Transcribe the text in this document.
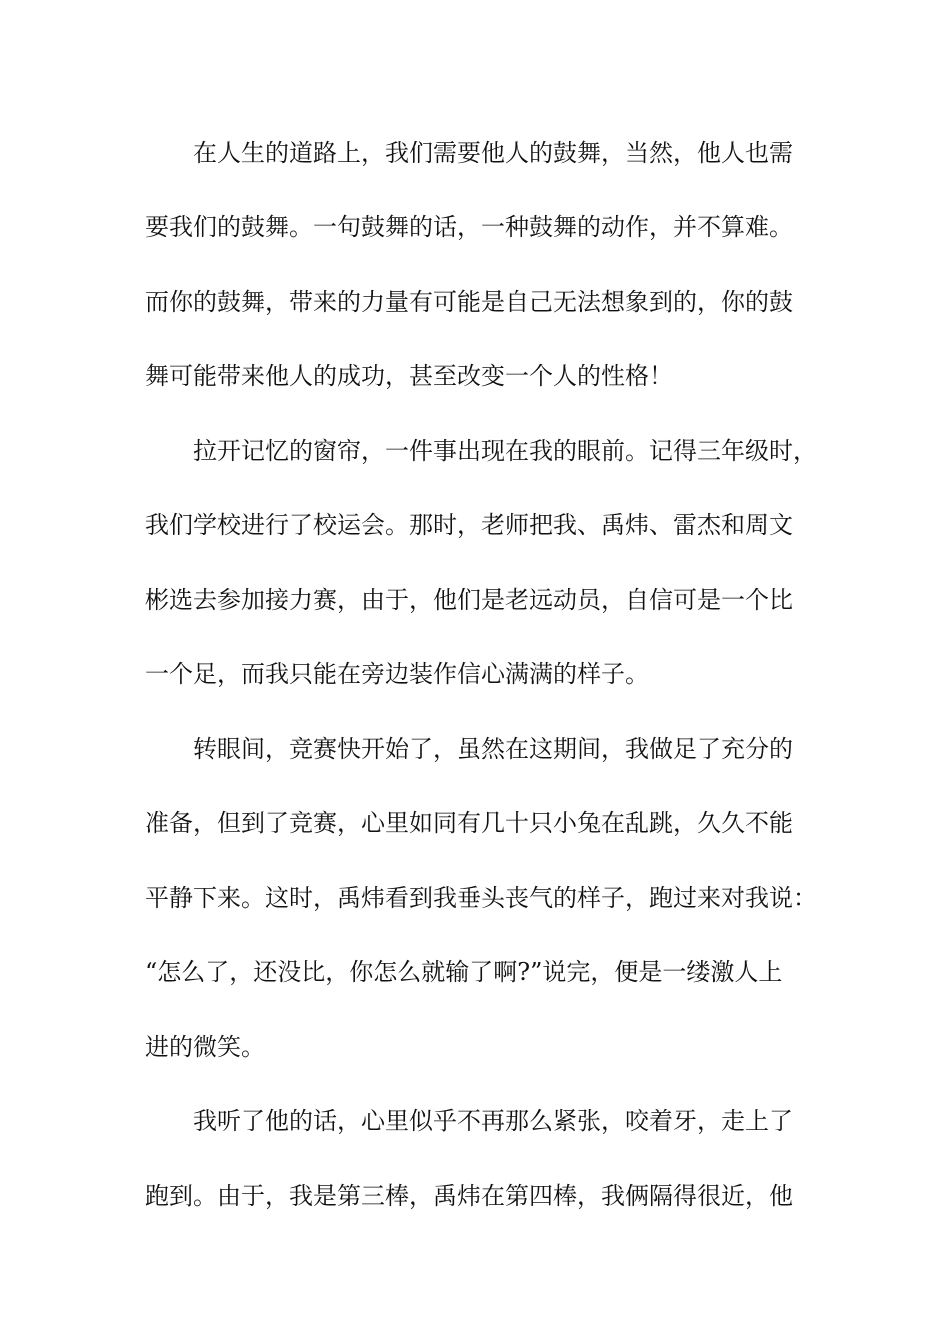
在人生的道路上，我们需要他人的鼓舞，当然，他人也需
要我们的鼓舞。一句鼓舞的话，一种鼓舞的动作，并不算难。
而你的鼓舞，带来的力量有可能是自己无法想象到的，你的鼓
舞可能带来他人的成功，甚至改变一个人的性格！
拉开记忆的窗帘，一件事出现在我的眼前。记得三年级时，
我们学校进行了校运会。那时，老师把我、禹炜、雷杰和周文
彬选去参加接力赛，由于，他们是老远动员，自信可是一个比
一个足，而我只能在旁边装作信心满满的样子。
转眼间，竞赛快开始了，虽然在这期间，我做足了充分的
准备，但到了竞赛，心里如同有几十只小兔在乱跳，久久不能
平静下来。这时，禹炜看到我垂头丧气的样子，跑过来对我说：
“怎么了，还没比，你怎么就输了啊?”说完，便是一缕激人上
进的微笑。
我听了他的话，心里似乎不再那么紧张，咬着牙，走上了
跑到。由于，我是第三棒，禹炜在第四棒，我俩隔得很近，他
